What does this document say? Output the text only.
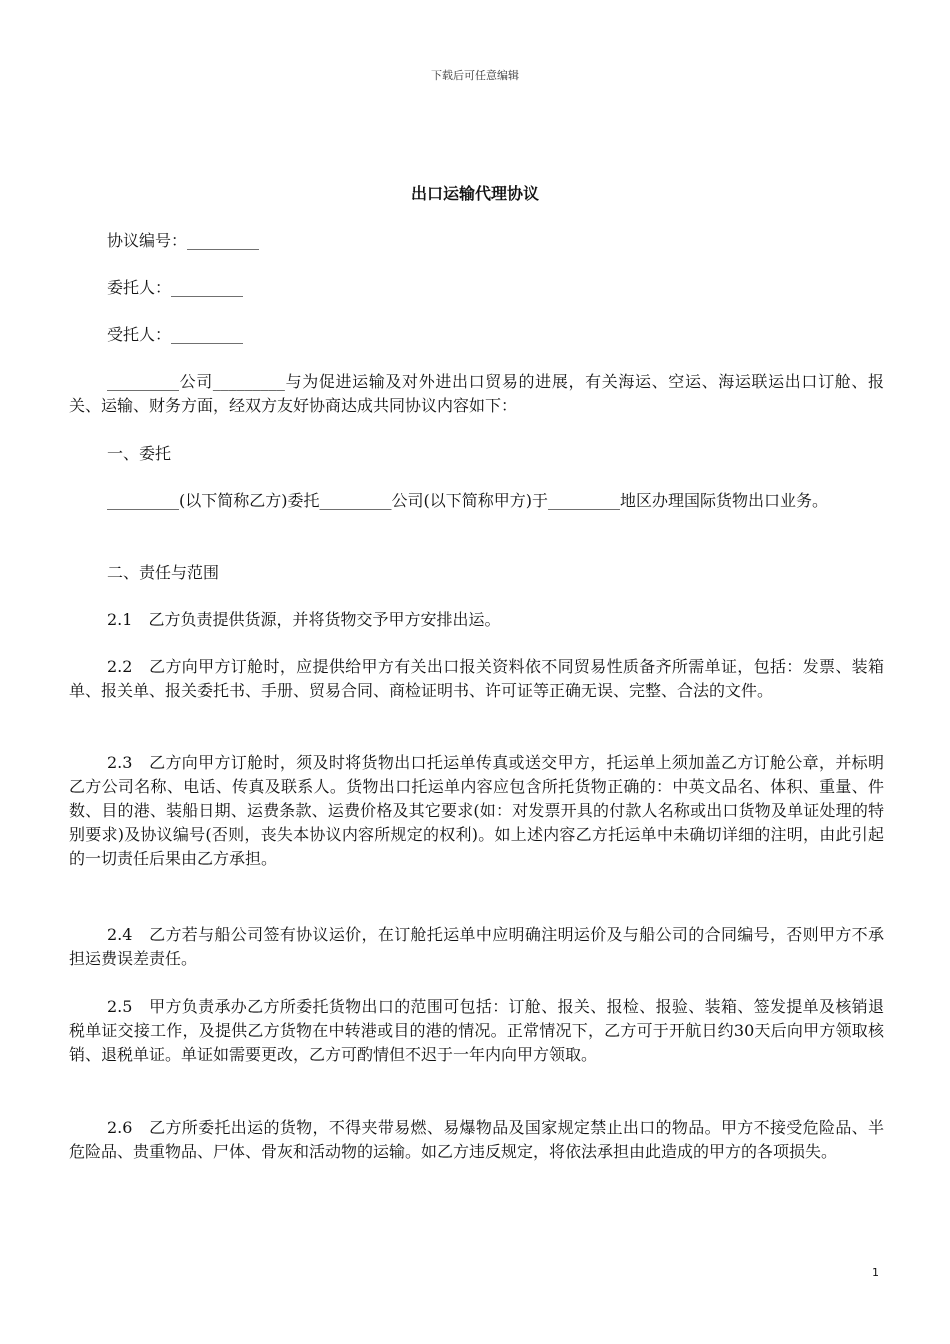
下载后可任意编辑
出口运输代理协议
协议编号：_________
委托人：_________
受托人：_________

_________公司_________与为促进运输及对外进出口贸易的进展，有关海运、空运、海运联运出口订舱、报关、运输、财务方面，经双方友好协商达成共同协议内容如下：

一、委托

_________(以下简称乙方)委托_________公司(以下简称甲方)于_________地区办理国际货物出口业务。

二、责任与范围

2.1　乙方负责提供货源，并将货物交予甲方安排出运。

2.2　乙方向甲方订舱时，应提供给甲方有关出口报关资料依不同贸易性质备齐所需单证，包括：发票、装箱单、报关单、报关委托书、手册、贸易合同、商检证明书、许可证等正确无误、完整、合法的文件。

2.3　乙方向甲方订舱时，须及时将货物出口托运单传真或送交甲方，托运单上须加盖乙方订舱公章，并标明乙方公司名称、电话、传真及联系人。货物出口托运单内容应包含所托货物正确的：中英文品名、体积、重量、件数、目的港、装船日期、运费条款、运费价格及其它要求(如：对发票开具的付款人名称或出口货物及单证处理的特别要求)及协议编号(否则，丧失本协议内容所规定的权利)。如上述内容乙方托运单中未确切详细的注明，由此引起的一切责任后果由乙方承担。

2.4　乙方若与船公司签有协议运价，在订舱托运单中应明确注明运价及与船公司的合同编号，否则甲方不承担运费误差责任。

2.5　甲方负责承办乙方所委托货物出口的范围可包括：订舱、报关、报检、报验、装箱、签发提单及核销退税单证交接工作，及提供乙方货物在中转港或目的港的情况。正常情况下，乙方可于开航日约30天后向甲方领取核销、退税单证。单证如需要更改，乙方可酌情但不迟于一年内向甲方领取。

2.6　乙方所委托出运的货物，不得夹带易燃、易爆物品及国家规定禁止出口的物品。甲方不接受危险品、半危险品、贵重物品、尸体、骨灰和活动物的运输。如乙方违反规定，将依法承担由此造成的甲方的各项损失。

1
